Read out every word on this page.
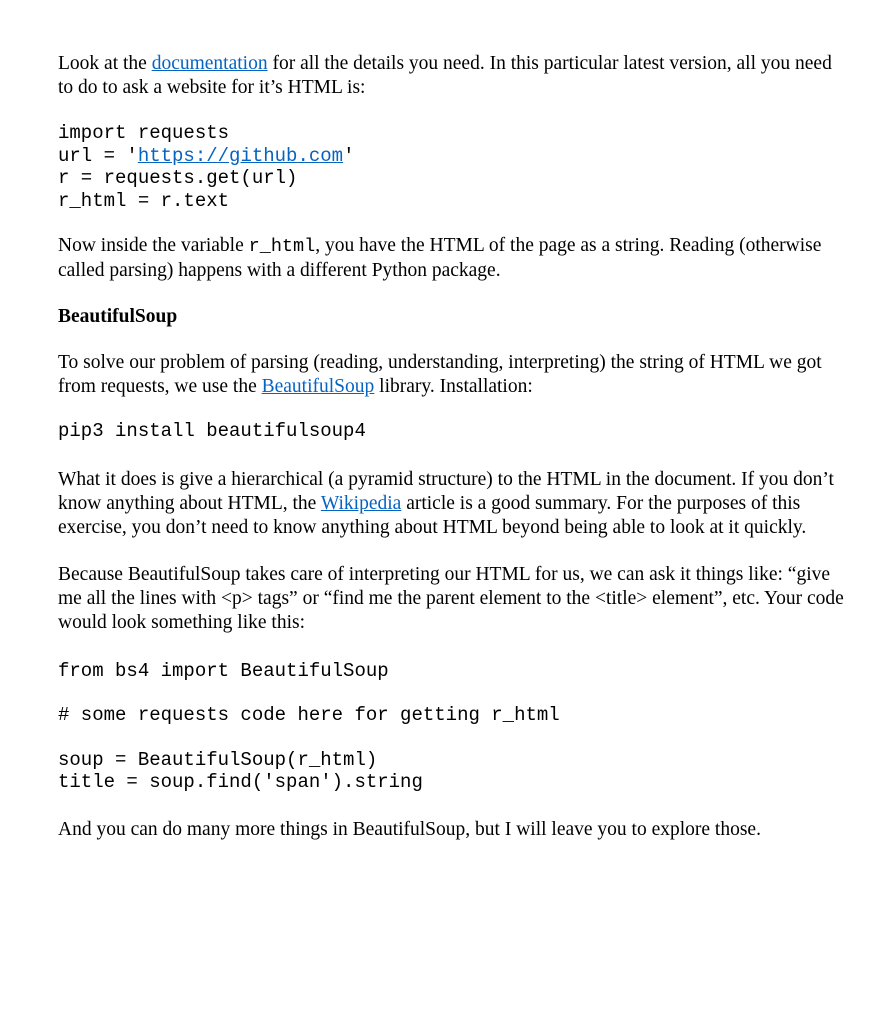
Look at the documentation for all the details you need. In this particular latest version, all you need to do to ask a website for it’s HTML is:

import requests
url = 'https://github.com'
r = requests.get(url)
r_html = r.text

Now inside the variable r_html, you have the HTML of the page as a string. Reading (otherwise called parsing) happens with a different Python package.

BeautifulSoup

To solve our problem of parsing (reading, understanding, interpreting) the string of HTML we got from requests, we use the BeautifulSoup library. Installation:

pip3 install beautifulsoup4

What it does is give a hierarchical (a pyramid structure) to the HTML in the document. If you don’t know anything about HTML, the Wikipedia article is a good summary. For the purposes of this exercise, you don’t need to know anything about HTML beyond being able to look at it quickly.

Because BeautifulSoup takes care of interpreting our HTML for us, we can ask it things like: “give me all the lines with <p> tags” or “find me the parent element to the <title> element”, etc. Your code would look something like this:

from bs4 import BeautifulSoup
# some requests code here for getting r_html
soup = BeautifulSoup(r_html)
title = soup.find('span').string

And you can do many more things in BeautifulSoup, but I will leave you to explore those.
